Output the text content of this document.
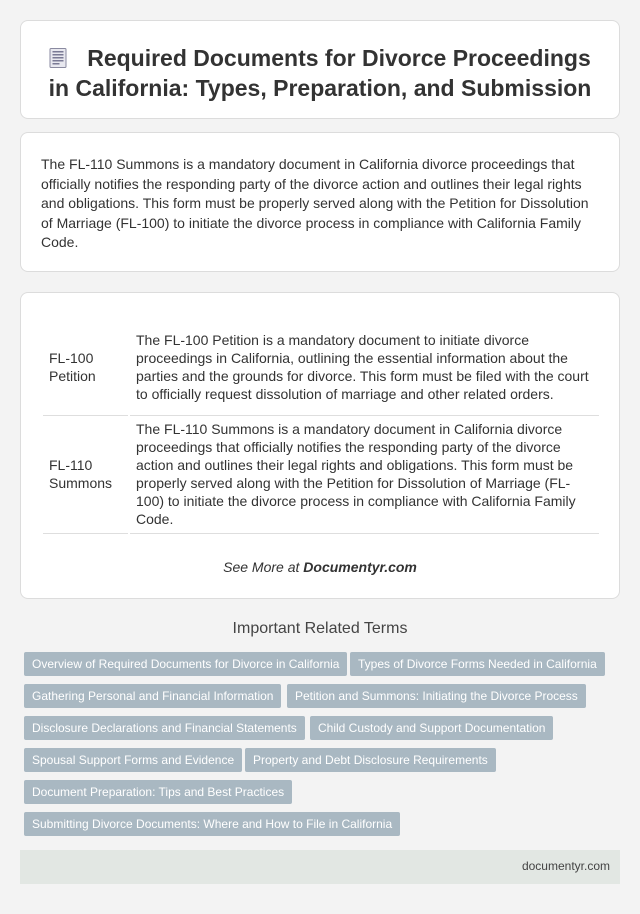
Required Documents for Divorce Proceedings in California: Types, Preparation, and Submission

The FL-110 Summons is a mandatory document in California divorce proceedings that officially notifies the responding party of the divorce action and outlines their legal rights and obligations. This form must be properly served along with the Petition for Dissolution of Marriage (FL-100) to initiate the divorce process in compliance with California Family Code.

FL-100 Petition	The FL-100 Petition is a mandatory document to initiate divorce proceedings in California, outlining the essential information about the parties and the grounds for divorce. This form must be filed with the court to officially request dissolution of marriage and other related orders.
FL-110 Summons	The FL-110 Summons is a mandatory document in California divorce proceedings that officially notifies the responding party of the divorce action and outlines their legal rights and obligations. This form must be properly served along with the Petition for Dissolution of Marriage (FL-100) to initiate the divorce process in compliance with California Family Code.
See More at Documentyr.com
Important Related Terms
Overview of Required Documents for Divorce in California	Types of Divorce Forms Needed in California
Gathering Personal and Financial Information	Petition and Summons: Initiating the Divorce Process
Disclosure Declarations and Financial Statements	Child Custody and Support Documentation
Spousal Support Forms and Evidence	Property and Debt Disclosure Requirements
Document Preparation: Tips and Best Practices
Submitting Divorce Documents: Where and How to File in California
documentyr.com
